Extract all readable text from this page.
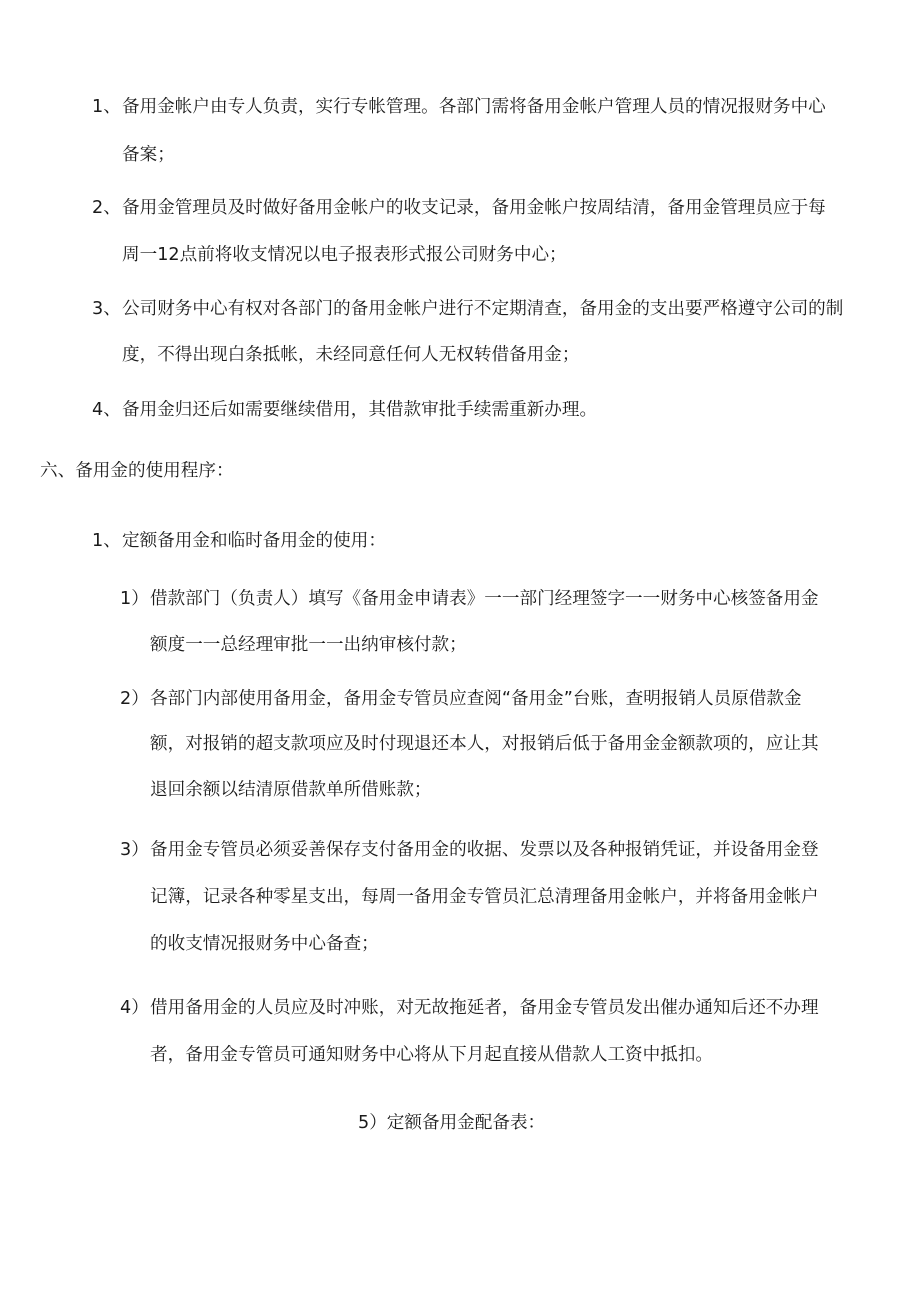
1、 备用金帐户由专人负责，实行专帐管理。各部门需将备用金帐户管理人员的情况报财务中心
备案；
2、 备用金管理员及时做好备用金帐户的收支记录，备用金帐户按周结清，备用金管理员应于每
周一12点前将收支情况以电子报表形式报公司财务中心；
3、 公司财务中心有权对各部门的备用金帐户进行不定期清查，备用金的支出要严格遵守公司的制
度，不得出现白条抵帐，未经同意任何人无权转借备用金；
4、 备用金归还后如需要继续借用，其借款审批手续需重新办理。
六、备用金的使用程序：
1、 定额备用金和临时备用金的使用：
1） 借款部门（负责人）填写《备用金申请表》一一部门经理签字一一财务中心核签备用金
额度一一总经理审批一一出纳审核付款；
2） 各部门内部使用备用金，备用金专管员应查阅“备用金”台账，查明报销人员原借款金
额，对报销的超支款项应及时付现退还本人，对报销后低于备用金金额款项的，应让其
退回余额以结清原借款单所借账款；
3） 备用金专管员必须妥善保存支付备用金的收据、发票以及各种报销凭证，并设备用金登
记簿，记录各种零星支出，每周一备用金专管员汇总清理备用金帐户，并将备用金帐户
的收支情况报财务中心备查；
4） 借用备用金的人员应及时冲账，对无故拖延者，备用金专管员发出催办通知后还不办理
者，备用金专管员可通知财务中心将从下月起直接从借款人工资中抵扣。
5）定额备用金配备表：
